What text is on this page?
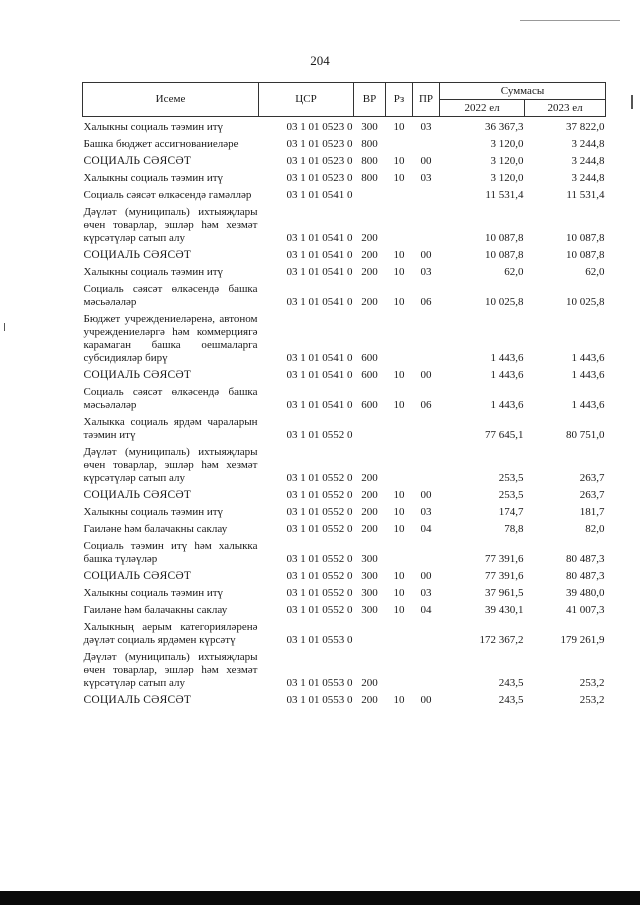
204
Исеме	ЦСР	ВР	Рз	ПР	Суммасы	
					2022 ел	2023 ел
Халыкны социаль тәэмин итү	03 1 01 0523 0	300	10	03	36 367,3	37 822,0
Башка бюджет ассигнованиеләре	03 1 01 0523 0	800			3 120,0	3 244,8
СОЦИАЛЬ СӘЯСӘТ	03 1 01 0523 0	800	10	00	3 120,0	3 244,8
Халыкны социаль тәэмин итү	03 1 01 0523 0	800	10	03	3 120,0	3 244,8
Социаль сәясәт өлкәсендә гамәлләр	03 1 01 0541 0				11 531,4	11 531,4
Дәүләт (муниципаль) ихтыяҗлары өчен товарлар, эшләр һәм хезмәт күрсәтүләр сатып алу	03 1 01 0541 0	200			10 087,8	10 087,8
СОЦИАЛЬ СӘЯСӘТ	03 1 01 0541 0	200	10	00	10 087,8	10 087,8
Халыкны социаль тәэмин итү	03 1 01 0541 0	200	10	03	62,0	62,0
Социаль сәясәт өлкәсендә башка мәсьәләләр	03 1 01 0541 0	200	10	06	10 025,8	10 025,8
Бюджет учреждениеләренә, автоном учреждениеләргә һәм коммерциягә карамаган башка оешмаларга субсидияләр бирү	03 1 01 0541 0	600			1 443,6	1 443,6
СОЦИАЛЬ СӘЯСӘТ	03 1 01 0541 0	600	10	00	1 443,6	1 443,6
Социаль сәясәт өлкәсендә башка мәсьәләләр	03 1 01 0541 0	600	10	06	1 443,6	1 443,6
Халыкка социаль ярдәм чараларын тәэмин итү	03 1 01 0552 0				77 645,1	80 751,0
Дәүләт (муниципаль) ихтыяҗлары өчен товарлар, эшләр һәм хезмәт күрсәтүләр сатып алу	03 1 01 0552 0	200			253,5	263,7
СОЦИАЛЬ СӘЯСӘТ	03 1 01 0552 0	200	10	00	253,5	263,7
Халыкны социаль тәэмин итү	03 1 01 0552 0	200	10	03	174,7	181,7
Гаиләне һәм балачакны саклау	03 1 01 0552 0	200	10	04	78,8	82,0
Социаль тәэмин итү һәм халыкка башка түләүләр	03 1 01 0552 0	300			77 391,6	80 487,3
СОЦИАЛЬ СӘЯСӘТ	03 1 01 0552 0	300	10	00	77 391,6	80 487,3
Халыкны социаль тәэмин итү	03 1 01 0552 0	300	10	03	37 961,5	39 480,0
Гаиләне һәм балачакны саклау	03 1 01 0552 0	300	10	04	39 430,1	41 007,3
Халыкның аерым категорияләренә дәүләт социаль ярдәмен күрсәтү	03 1 01 0553 0				172 367,2	179 261,9
Дәүләт (муниципаль) ихтыяҗлары өчен товарлар, эшләр һәм хезмәт күрсәтүләр сатып алу	03 1 01 0553 0	200			243,5	253,2
СОЦИАЛЬ СӘЯСӘТ	03 1 01 0553 0	200	10	00	243,5	253,2
